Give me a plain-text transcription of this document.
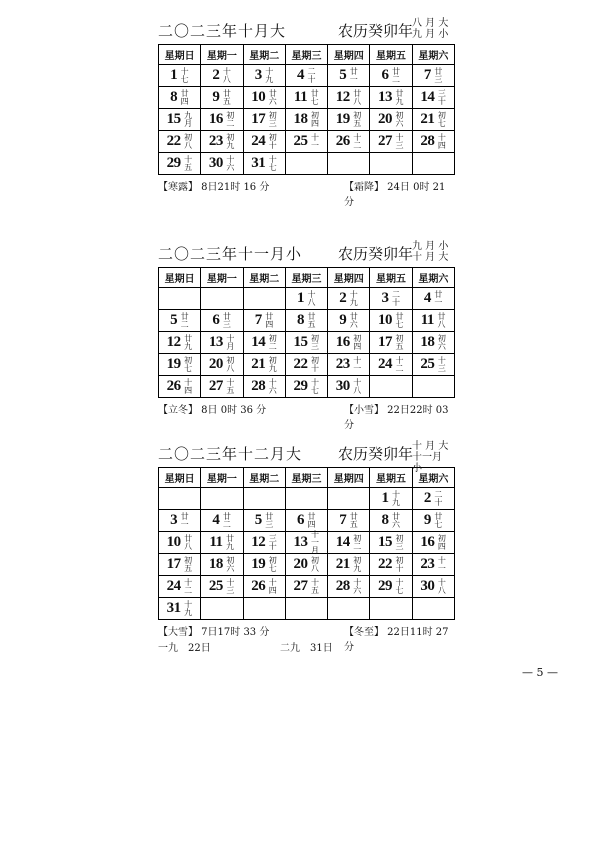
二〇二三年十月大	农历癸卯年
八 月 大
九 月 小
星期日	星期一	星期二	星期三	星期四	星期五	星期六

1 十七	2 十八	3 十九	4 二十	5 廿一	6 廿二	7 廿三

8 廿四	9 廿五	10 廿六	11 廿七	12 廿八	13 廿九	14 三十

15 九月	16 初二	17 初三	18 初四	19 初五	20 初六	21 初七

22 初八	23 初九	24 初十	25 十一	26 十二	27 十三	28 十四

29 十五	30 十六	31 十七				

【寒露】 8日21时 16 分	【霜降】 24日 0时 21 分
二〇二三年十一月小 农历癸卯年
九 月 小
十 月 大
星期日	星期一	星期二	星期三	星期四	星期五	星期六

			1 十八	2 十九	3 二十	4 廿一

5 廿二	6 廿三	7 廿四	8 廿五	9 廿六	10 廿七	11 廿八

12 廿九	13 十月	14 初二	15 初三	16 初四	17 初五	18 初六

19 初七	20 初八	21 初九	22 初十	23 十一	24 十二	25 十三

26 十四	27 十五	28 十六	29 十七	30 十八		

【立冬】 8日 0时 36 分	【小雪】 22日22时 03 分
二〇二三年十二月大 农历癸卯年
十 月 大
十一月 小
星期日	星期一	星期二	星期三	星期四	星期五	星期六

					1 十九	2 二十

3 廿一	4 廿二	5 廿三	6 廿四	7 廿五	8 廿六	9 廿七

10 廿八	11 廿九	12 三十	13 十一月	14 初二	15 初三	16 初四

17 初五	18 初六	19 初七	20 初八	21 初九	22 初十	23 十一

24 十二	25 十三	26 十四	27 十五	28 十六	29 十七	30 十八

31 十九						

【大雪】 7日17时 33 分	【冬至】 22日11时 27 分
一九　22日	二九　31日
— 5 —
